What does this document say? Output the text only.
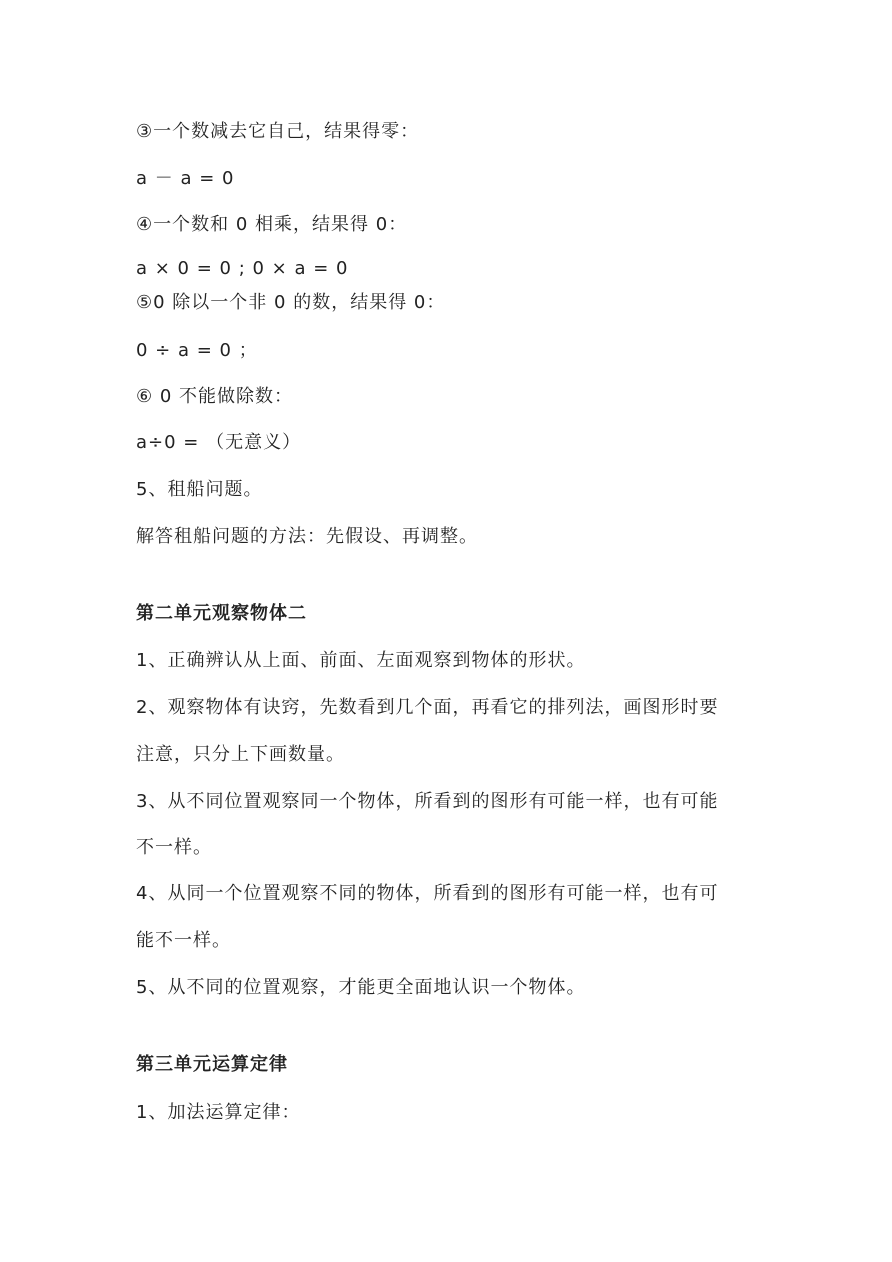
③一个数减去它自己，结果得零：
a － a = 0
④一个数和 0 相乘，结果得 0：
a × 0 = 0 ; 0 × a = 0
⑤0 除以一个非 0 的数，结果得 0：
0 ÷ a = 0 ；
⑥ 0 不能做除数：
a÷0 = （无意义）
5、租船问题。
解答租船问题的方法：先假设、再调整。
第二单元观察物体二
1、正确辨认从上面、前面、左面观察到物体的形状。
2、观察物体有诀窍，先数看到几个面，再看它的排列法，画图形时要
注意，只分上下画数量。
3、从不同位置观察同一个物体，所看到的图形有可能一样，也有可能
不一样。
4、从同一个位置观察不同的物体，所看到的图形有可能一样，也有可
能不一样。
5、从不同的位置观察，才能更全面地认识一个物体。
第三单元运算定律
1、加法运算定律：
